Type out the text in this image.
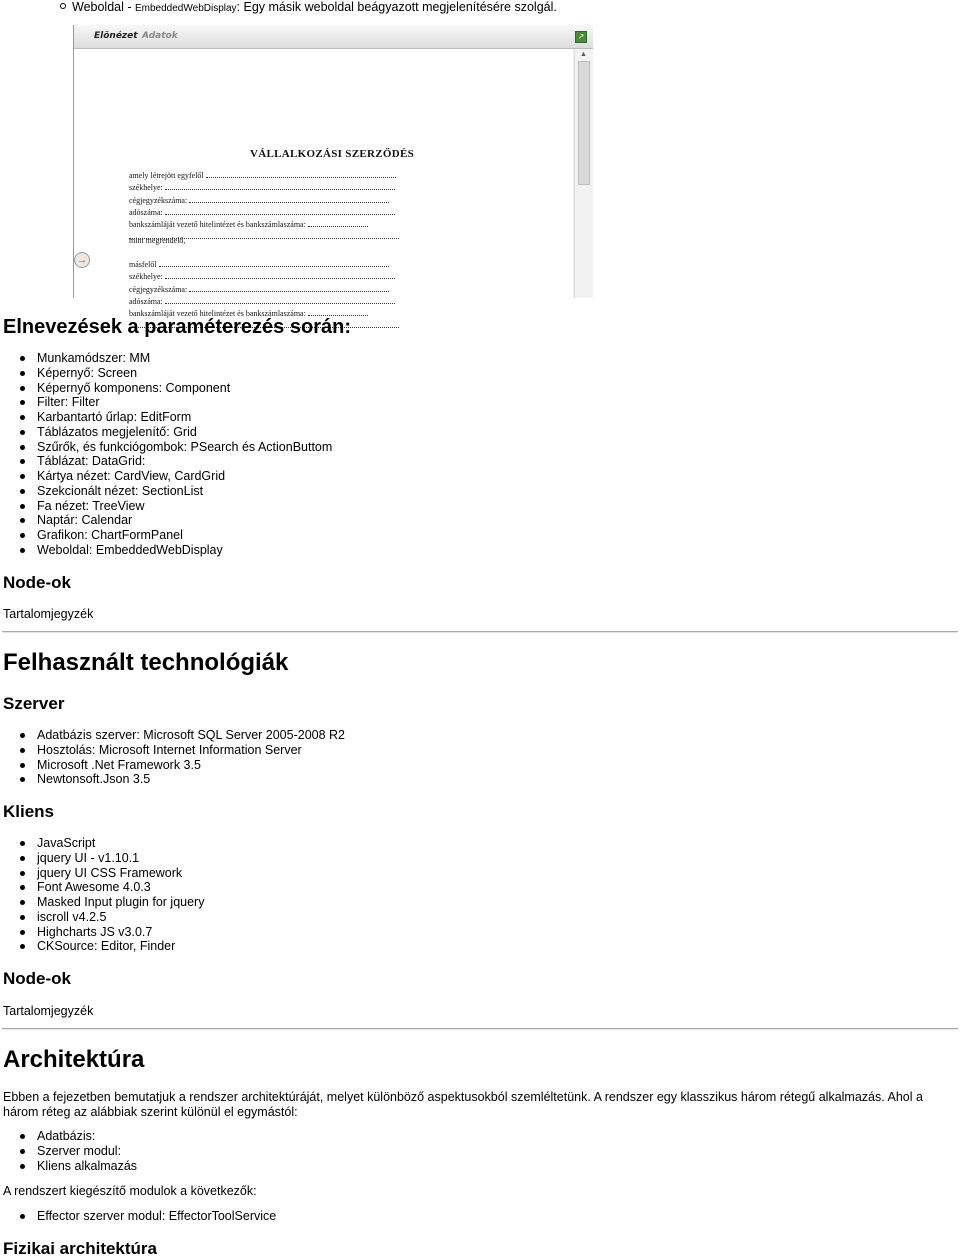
Weboldal - EmbeddedWebDisplay: Egy másik weboldal beágyazott megjelenítésére szolgál.
Elönézet Adatok	↗
→
VÁLLALKOZÁSI SZERZŐDÉS
amely létrejött egyfelől
székhelye:
cégjegyzékszáma:
adószáma:
bankszámláját vezető hitelintézet és bankszámlaszáma:
mint megrendelő,
másfelől
székhelye:
cégjegyzékszáma:
adószáma:
bankszámláját vezető hitelintézet és bankszámlaszáma:
▲
Elnevezések a paraméterezés során:
Munkamódszer: MM
Képernyő: Screen
Képernyő komponens: Component
Filter: Filter
Karbantartó űrlap: EditForm
Táblázatos megjelenítő: Grid
Szűrők, és funkciógombok: PSearch és ActionButtom
Táblázat: DataGrid:
Kártya nézet: CardView, CardGrid
Szekcionált nézet: SectionList
Fa nézet: TreeView
Naptár: Calendar
Grafikon: ChartFormPanel
Weboldal: EmbeddedWebDisplay
Node-ok
Tartalomjegyzék
Felhasznált technológiák
Szerver
Adatbázis szerver: Microsoft SQL Server 2005-2008 R2
Hosztolás: Microsoft Internet Information Server
Microsoft .Net Framework 3.5
Newtonsoft.Json 3.5
Kliens
JavaScript
jquery UI - v1.10.1
jquery UI CSS Framework
Font Awesome 4.0.3
Masked Input plugin for jquery
iscroll v4.2.5
Highcharts JS v3.0.7
CKSource: Editor, Finder
Node-ok
Tartalomjegyzék
Architektúra
Ebben a fejezetben bemutatjuk a rendszer architektúráját, melyet különböző aspektusokból szemléltetünk. A rendszer egy klasszikus három rétegű alkalmazás. Ahol a három réteg az alábbiak szerint különül el egymástól:
Adatbázis:
Szerver modul:
Kliens alkalmazás
A rendszert kiegészítő modulok a következők:
Effector szerver modul: EffectorToolService
Fizikai architektúra
